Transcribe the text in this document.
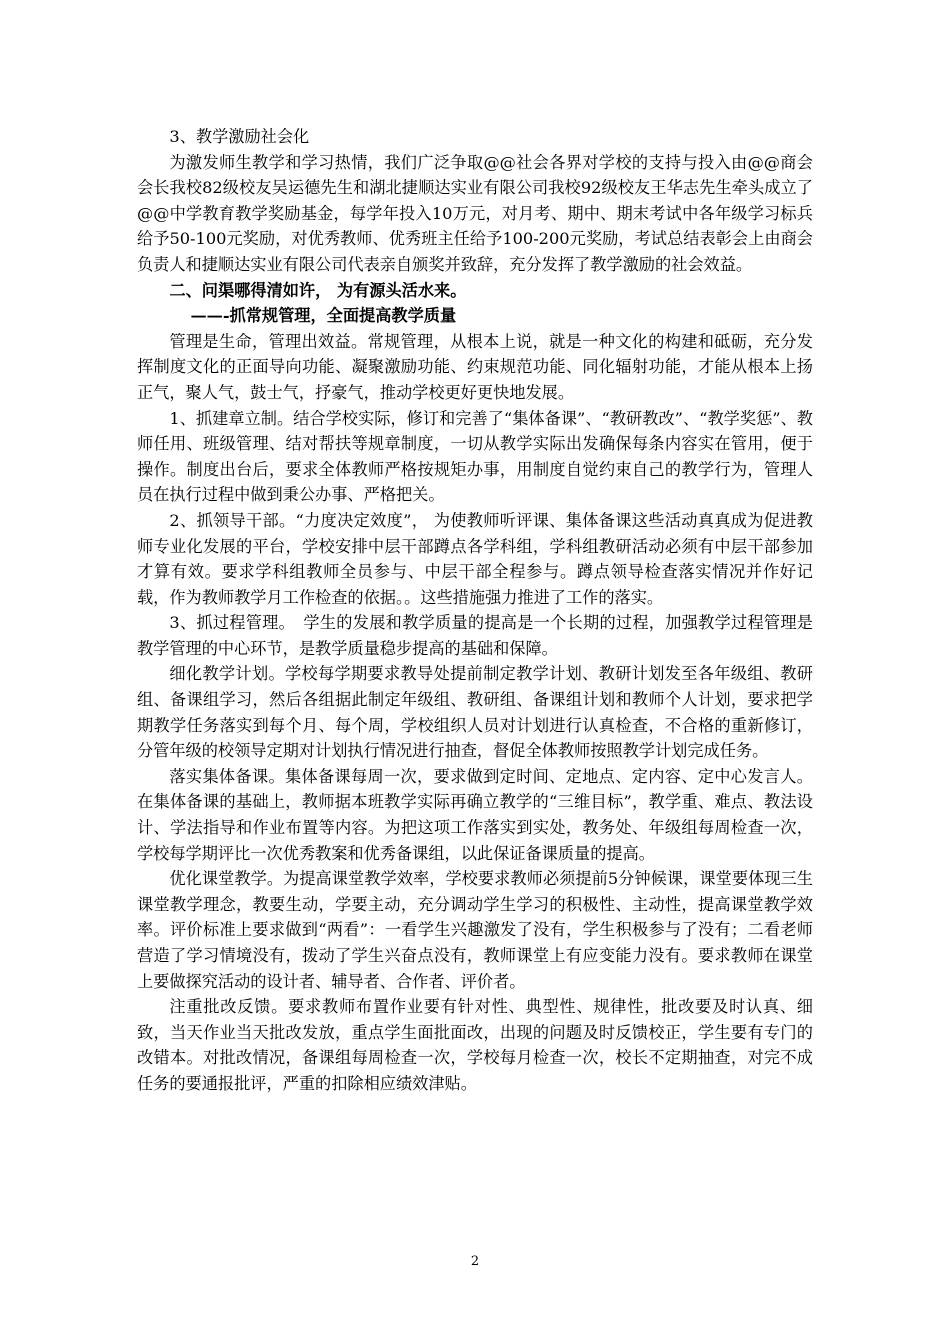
3、教学激励社会化

为激发师生教学和学习热情，我们广泛争取@@社会各界对学校的支持与投入由@@商会会长我校82级校友吴运德先生和湖北捷顺达实业有限公司我校92级校友王华志先生牵头成立了@@中学教育教学奖励基金，每学年投入10万元，对月考、期中、期末考试中各年级学习标兵给予50-100元奖励，对优秀教师、优秀班主任给予100-200元奖励，考试总结表彰会上由商会负责人和捷顺达实业有限公司代表亲自颁奖并致辞，充分发挥了教学激励的社会效益。

二、问渠哪得清如许， 为有源头活水来。

——-抓常规管理，全面提高教学质量

管理是生命，管理出效益。常规管理，从根本上说，就是一种文化的构建和砥砺，充分发挥制度文化的正面导向功能、凝聚激励功能、约束规范功能、同化辐射功能，才能从根本上扬正气，聚人气，鼓士气，抒豪气，推动学校更好更快地发展。

1、抓建章立制。结合学校实际，修订和完善了“集体备课”、“教研教改”、“教学奖惩”、教师任用、班级管理、结对帮扶等规章制度，一切从教学实际出发确保每条内容实在管用，便于操作。制度出台后，要求全体教师严格按规矩办事，用制度自觉约束自己的教学行为，管理人员在执行过程中做到秉公办事、严格把关。

2、抓领导干部。“力度决定效度”， 为使教师听评课、集体备课这些活动真真成为促进教师专业化发展的平台，学校安排中层干部蹲点各学科组，学科组教研活动必须有中层干部参加才算有效。要求学科组教师全员参与、中层干部全程参与。蹲点领导检查落实情况并作好记载，作为教师教学月工作检查的依据。。这些措施强力推进了工作的落实。

3、抓过程管理。　学生的发展和教学质量的提高是一个长期的过程，加强教学过程管理是教学管理的中心环节，是教学质量稳步提高的基础和保障。

细化教学计划。学校每学期要求教导处提前制定教学计划、教研计划发至各年级组、教研组、备课组学习，然后各组据此制定年级组、教研组、备课组计划和教师个人计划，要求把学期教学任务落实到每个月、每个周，学校组织人员对计划进行认真检查，不合格的重新修订，分管年级的校领导定期对计划执行情况进行抽查，督促全体教师按照教学计划完成任务。

落实集体备课。集体备课每周一次，要求做到定时间、定地点、定内容、定中心发言人。在集体备课的基础上，教师据本班教学实际再确立教学的“三维目标”，教学重、难点、教法设计、学法指导和作业布置等内容。为把这项工作落实到实处，教务处、年级组每周检查一次，学校每学期评比一次优秀教案和优秀备课组，以此保证备课质量的提高。

优化课堂教学。为提高课堂教学效率，学校要求教师必须提前5分钟候课，课堂要体现三生课堂教学理念，教要生动，学要主动，充分调动学生学习的积极性、主动性，提高课堂教学效率。评价标准上要求做到“两看”：一看学生兴趣激发了没有，学生积极参与了没有；二看老师营造了学习情境没有，拨动了学生兴奋点没有，教师课堂上有应变能力没有。要求教师在课堂上要做探究活动的设计者、辅导者、合作者、评价者。

注重批改反馈。要求教师布置作业要有针对性、典型性、规律性，批改要及时认真、细致，当天作业当天批改发放，重点学生面批面改，出现的问题及时反馈校正，学生要有专门的改错本。对批改情况，备课组每周检查一次，学校每月检查一次，校长不定期抽查，对完不成任务的要通报批评，严重的扣除相应绩效津贴。

2
